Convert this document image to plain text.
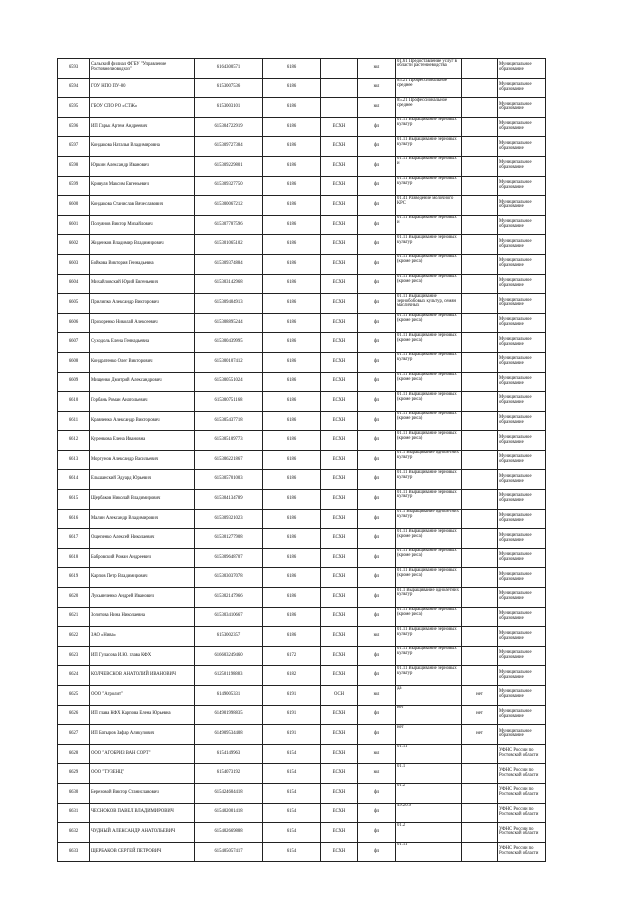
6593	Сальский филиал ФГБУ "Управление Ростовмелиоводхоз"	6164300571	6186		юл	01.61 Предоставление услуг в области растениеводства		Муниципальное образование
6594	ГОУ НПО ПУ-80	6153007536	6186		юл	85.21 Профессиональное среднее		Муниципальное образование
6595	ГБОУ СПО РО «СТЖ»	6153003101	6186		юл	85.21 Профессиональное среднее		Муниципальное образование
6596	ИП Гарьк Артем Андреевич	615304722919	6186	ЕСХН	фл	01.11 Выращивание зерновых культур		Муниципальное образование
6597	Кондакова Наталья Владимировна	615309727384	6186	ЕСХН	фл	01.11 Выращивание зерновых культур		Муниципальное образование
6598	Юркин Александр Иванович	615309229801	6186	ЕСХН	фл	01.11 Выращивание зерновых и		Муниципальное образование
6599	Кривуля Максим Евгеньевич	615309327750	6186	ЕСХН	фл	01.11 Выращивание зерновых культур		Муниципальное образование
6600	Кондакова Станислав Вячеславович	615300067212	6186	ЕСХН	фл	01.41 Разведение молочного КРС		Муниципальное образование
6601	Полуянов Виктор Михайлович	615307787596	6186	ЕСХН	фл	01.11 Выращивание зерновых и		Муниципальное образование
6602	Жиденков Владимир Владимирович	615301065102	6186	ЕСХН	фл	01.11 Выращивание зерновых культур		Муниципальное образование
6603	Бойкова Виктория Геннадьевна	615309374884	6186	ЕСХН	фл	01.11 Выращивание зерновых (кроме риса)		Муниципальное образование
6604	Михайловский Юрий Евгеньевич	615303142968	6186	ЕСХН	фл	01.11 Выращивание зерновых (кроме риса)		Муниципальное образование
6605	Прилипко Александр Викторович	615309404913	6186	ЕСХН	фл	01.11 Выращивание зернобобовых культур, семян масличных		Муниципальное образование
6606	Прохоренко Николай Алексеевич	615308895244	6186	ЕСХН	фл	01.11 Выращивание зерновых (кроме риса)		Муниципальное образование
6607	Суходоль Елена Геннадьевна	615300439995	6186	ЕСХН	фл	01.11 Выращивание зерновых (кроме риса)		Муниципальное образование
6608	Кондратенко Олег Викторович	615300107412	6186	ЕСХН	фл	01.11 Выращивание зерновых культур		Муниципальное образование
6609	Мищенко Дмитрий Александрович	615300551024	6186	ЕСХН	фл	01.11 Выращивание зерновых (кроме риса)		Муниципальное образование
6610	Горбань Роман Анатольевич	615300751168	6186	ЕСХН	фл	01.11 Выращивание зерновых (кроме риса)		Муниципальное образование
6611	Кравченко Александр Викторович	615305437718	6186	ЕСХН	фл	01.11 Выращивание зерновых (кроме риса)		Муниципальное образование
6612	Куренкова Елена Ивановна	615305109773	6186	ЕСХН	фл	01.11 Выращивание зерновых (кроме риса)		Муниципальное образование
6613	Моргунов Александр Васильевич	615306221867	6186	ЕСХН	фл	01.1 Выращивание однолетних культур		Муниципальное образование
6614	Ельшанский Эдуард Юрьевич	615305701003	6186	ЕСХН	фл	01.11 Выращивание зерновых культур		Муниципальное образование
6615	Щербаков Николай Владимирович	615304134789	6186	ЕСХН	фл	01.11 Выращивание зерновых культур		Муниципальное образование
6616	Малин Александр Владимирович	615309321023	6186	ЕСХН	фл	01.1 Выращивание однолетних культур		Муниципальное образование
6617	Ощепенко Алексей Николаевич	615301277908	6186	ЕСХН	фл	01.11 Выращивание зерновых (кроме риса)		Муниципальное образование
6618	Бабровский Роман Андреевич	615309648707	6186	ЕСХН	фл	01.11 Выращивание зерновых (кроме риса)		Муниципальное образование
6619	Карпов Петр Владимирович	615303037078	6186	ЕСХН	фл	01.11 Выращивание зерновых (кроме риса)		Муниципальное образование
6620	Лукьянченко Андрей Иванович	615302147966	6186	ЕСХН	фл	01.1 Выращивание однолетних культур		Муниципальное образование
6621	Зозитова Нина Николаевна	615303410667	6186	ЕСХН	фл	01.11 Выращивание зерновых (кроме риса)		Муниципальное образование
6622	ЗАО «Нива»	6153002357	6186	ЕСХН	юл	01.11 Выращивание зерновых культур		Муниципальное образование
6623	ИП Гуласова И.Ю. глава КФХ	616603249460	6172	ЕСХН	фл	01.11 Выращивание зерновых культур		Муниципальное образование
6624	КОЛЧЕВСКОВ АНАТОЛИЙ ИВАНОВИЧ	612501198883	6182	ЕСХН	фл	01.11 Выращивание зерновых культур		Муниципальное образование
6625	ООО "Агролит"	6149005331	6191	ОСН	юл	да	нет	Муниципальное образование
6626	ИП глава КФХ Карпова Елена Юрьевна	614901998835	6191	ЕСХН	фл	нет	нет	Муниципальное образование
6627	ИП Батыров Зафар Аликулович	614909534408	6191	ЕСХН	фл	нет	нет	Муниципальное образование
6628	ООО "АГОБРИЗ ВАН СОРТ"	6154149963	6154	ЕСХН	юл	01.11		УФНС России по Ростовской области
6629	ООО "ТУЗЕНЦ"	6154073192	6154	ЕСХН	юл	01.1		УФНС России по Ростовской области
6630	Березовой Виктор Станиславович	615424604418	6154	ЕСХН	фл	01.2		УФНС России по Ростовской области
6631	ЧЕСНОКОВ ПАВЕЛ ВЛАДИМИРОВИЧ	615402001418	6154	ЕСХН	фл	49.20.9		УФНС России по Ростовской области
6632	ЧУДНЫЙ АЛЕКСАНДР АНАТОЛЬЕВИЧ	615402669888	6154	ЕСХН	фл	01.2		УФНС России по Ростовской области
6633	ЩЕРБАКОВ СЕРГЕЙ ПЕТРОВИЧ	615405057417	6154	ЕСХН	фл	01.11		УФНС России по Ростовской области
